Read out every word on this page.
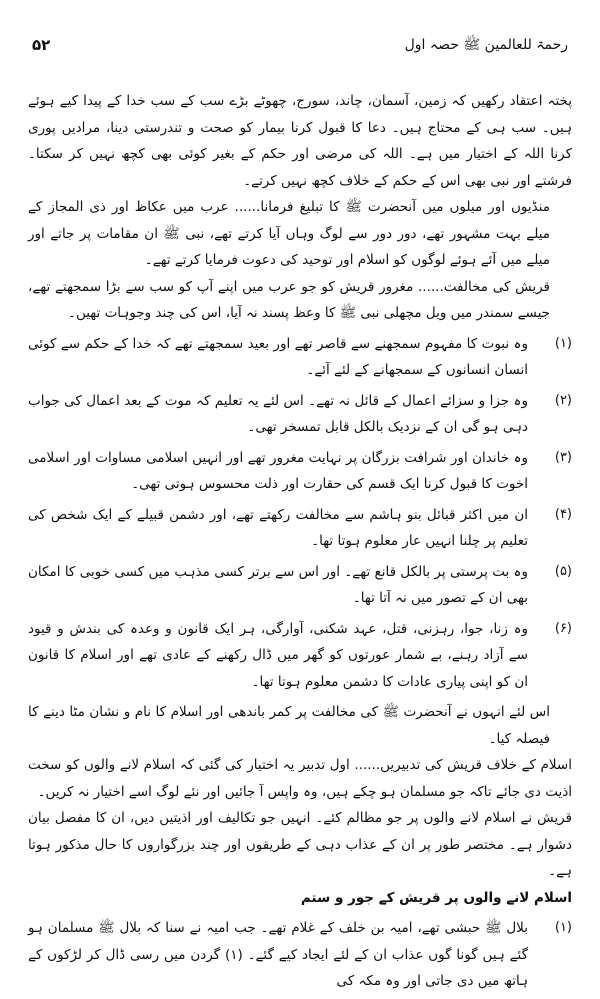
رحمۃ للعالمین ﷺ حصہ اول
۵۲

پختہ اعتقاد رکھیں کہ زمین، آسمان، چاند، سورج، چھوٹے بڑے سب کے سب خدا کے پیدا کیے ہوئے ہیں۔ سب ہی کے محتاج ہیں۔ دعا کا قبول کرنا بیمار کو صحت و تندرستی دینا، مرادیں پوری کرنا اللہ کے اختیار میں ہے۔ اللہ کی مرضی اور حکم کے بغیر کوئی بھی کچھ نہیں کر سکتا۔ فرشتے اور نبی بھی اس کے حکم کے خلاف کچھ نہیں کرتے۔

منڈیوں اور میلوں میں آنحضرت ﷺ کا تبلیغ فرمانا...... عرب میں عکاظ اور ذی المجاز کے میلے بہت مشہور تھے، دور دور سے لوگ وہاں آیا کرتے تھے، نبی ﷺ ان مقامات پر جاتے اور میلے میں آئے ہوئے لوگوں کو اسلام اور توحید کی دعوت فرمایا کرتے تھے۔

قریش کی مخالفت...... مغرور قریش کو جو عرب میں اپنے آپ کو سب سے بڑا سمجھتے تھے، جیسے سمندر میں ویل مچھلی نبی ﷺ کا وعظ پسند نہ آیا، اس کی چند وجوہات تھیں۔

(۱)
وہ نبوت کا مفہوم سمجھنے سے قاصر تھے اور بعید سمجھتے تھے کہ خدا کے حکم سے کوئی انسان انسانوں کے سمجھانے کے لئے آئے۔
(۲)
وہ جزا و سزائے اعمال کے قائل نہ تھے۔ اس لئے یہ تعلیم کہ موت کے بعد اعمال کی جواب دہی ہو گی ان کے نزدیک بالکل قابل تمسخر تھی۔
(۳)
وہ خاندان اور شرافت بزرگان پر نہایت مغرور تھے اور انہیں اسلامی مساوات اور اسلامی اخوت کا قبول کرنا ایک قسم کی حقارت اور ذلت محسوس ہوتی تھی۔
(۴)
ان میں اکثر قبائل بنو ہاشم سے مخالفت رکھتے تھے، اور دشمن قبیلے کے ایک شخص کی تعلیم پر چلنا انہیں عار معلوم ہوتا تھا۔
(۵)
وہ بت پرستی پر بالکل قانع تھے۔ اور اس سے برتر کسی مذہب میں کسی خوبی کا امکان بھی ان کے تصور میں نہ آتا تھا۔
(۶)
وہ زنا، جوا، رہزنی، قتل، عہد شکنی، آوارگی، ہر ایک قانون و وعدہ کی بندش و قیود سے آزاد رہنے، بے شمار عورتوں کو گھر میں ڈال رکھنے کے عادی تھے اور اسلام کا قانون ان کو اپنی پیاری عادات کا دشمن معلوم ہوتا تھا۔

اس لئے انہوں نے آنحضرت ﷺ کی مخالفت پر کمر باندھی اور اسلام کا نام و نشان مٹا دینے کا فیصلہ کیا۔

اسلام کے خلاف قریش کی تدبیریں...... اول تدبیر یہ اختیار کی گئی کہ اسلام لانے والوں کو سخت اذیت دی جائے تاکہ جو مسلمان ہو چکے ہیں، وہ واپس آ جائیں اور نئے لوگ اسے اختیار نہ کریں۔

قریش نے اسلام لانے والوں پر جو مظالم کئے۔ انہیں جو تکالیف اور اذیتیں دیں، ان کا مفصل بیان دشوار ہے۔ مختصر طور پر ان کے عذاب دہی کے طریقوں اور چند بزرگواروں کا حال مذکور ہوتا ہے۔

اسلام لانے والوں پر قریش کے جور و ستم

(۱)
بلال ﷺ حبشی تھے، امیہ بن خلف کے غلام تھے۔ جب امیہ نے سنا کہ بلال ﷺ مسلمان ہو گئے ہیں گونا گوں عذاب ان کے لئے ایجاد کیے گئے۔ (۱) گردن میں رسی ڈال کر لڑکوں کے ہاتھ میں دی جاتی اور وہ مکہ کی
